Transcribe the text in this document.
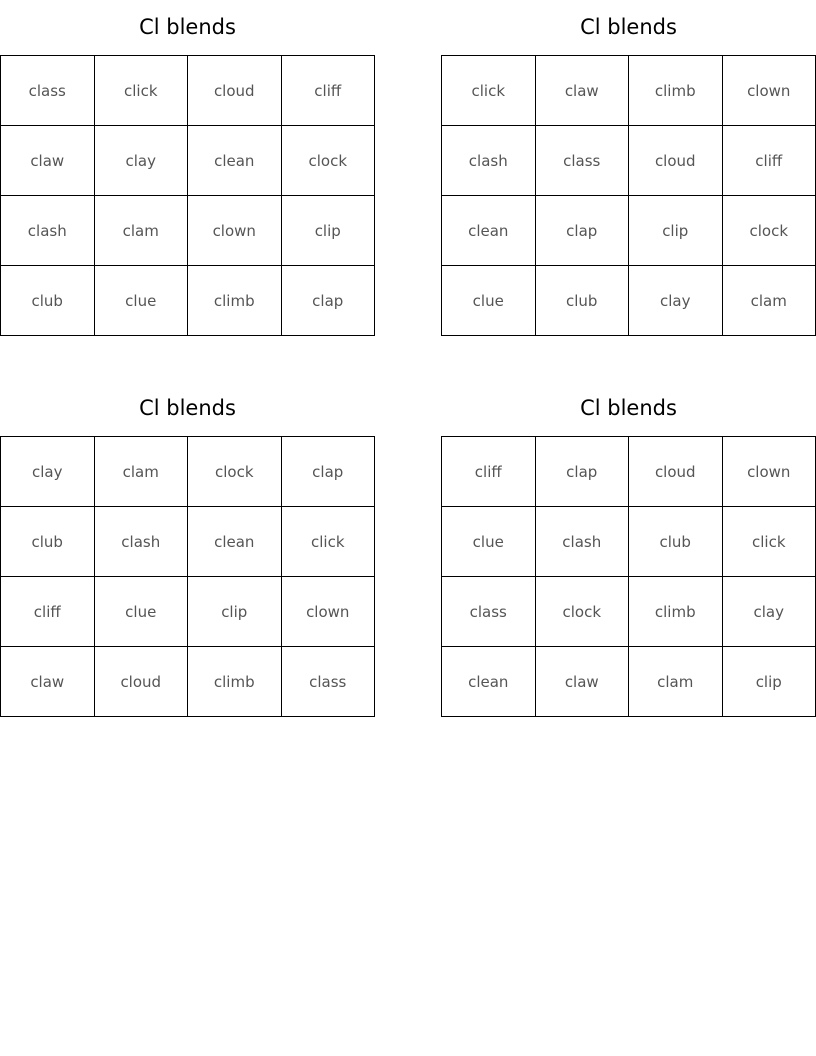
Cl blends
class	click	cloud	cliff
claw	clay	clean	clock
clash	clam	clown	clip
club	clue	climb	clap
Cl blends
click	claw	climb	clown
clash	class	cloud	cliff
clean	clap	clip	clock
clue	club	clay	clam
Cl blends
clay	clam	clock	clap
club	clash	clean	click
cliff	clue	clip	clown
claw	cloud	climb	class
Cl blends
cliff	clap	cloud	clown
clue	clash	club	click
class	clock	climb	clay
clean	claw	clam	clip
